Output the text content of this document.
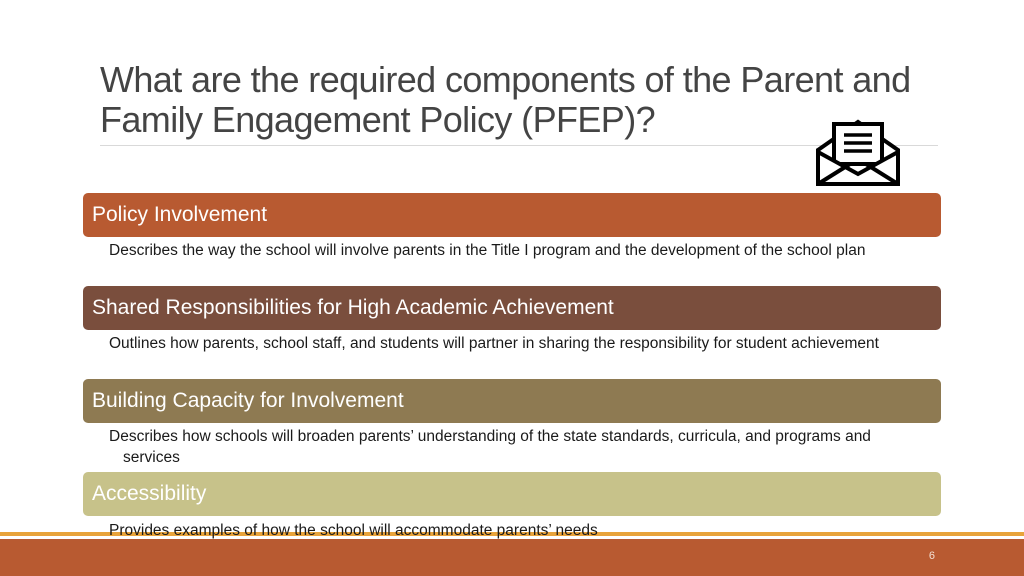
What are the required components of the Parent and Family Engagement Policy (PFEP)?
Policy Involvement

Describes the way the school will involve parents in the Title I program and the development of the school plan

Shared Responsibilities for High Academic Achievement

Outlines how parents, school staff, and students will partner in sharing the responsibility for student achievement

Building Capacity for Involvement

Describes how schools will broaden parents’ understanding of the state standards, curricula, and programs and services

Accessibility

Provides examples of how the school will accommodate parents’ needs

6
